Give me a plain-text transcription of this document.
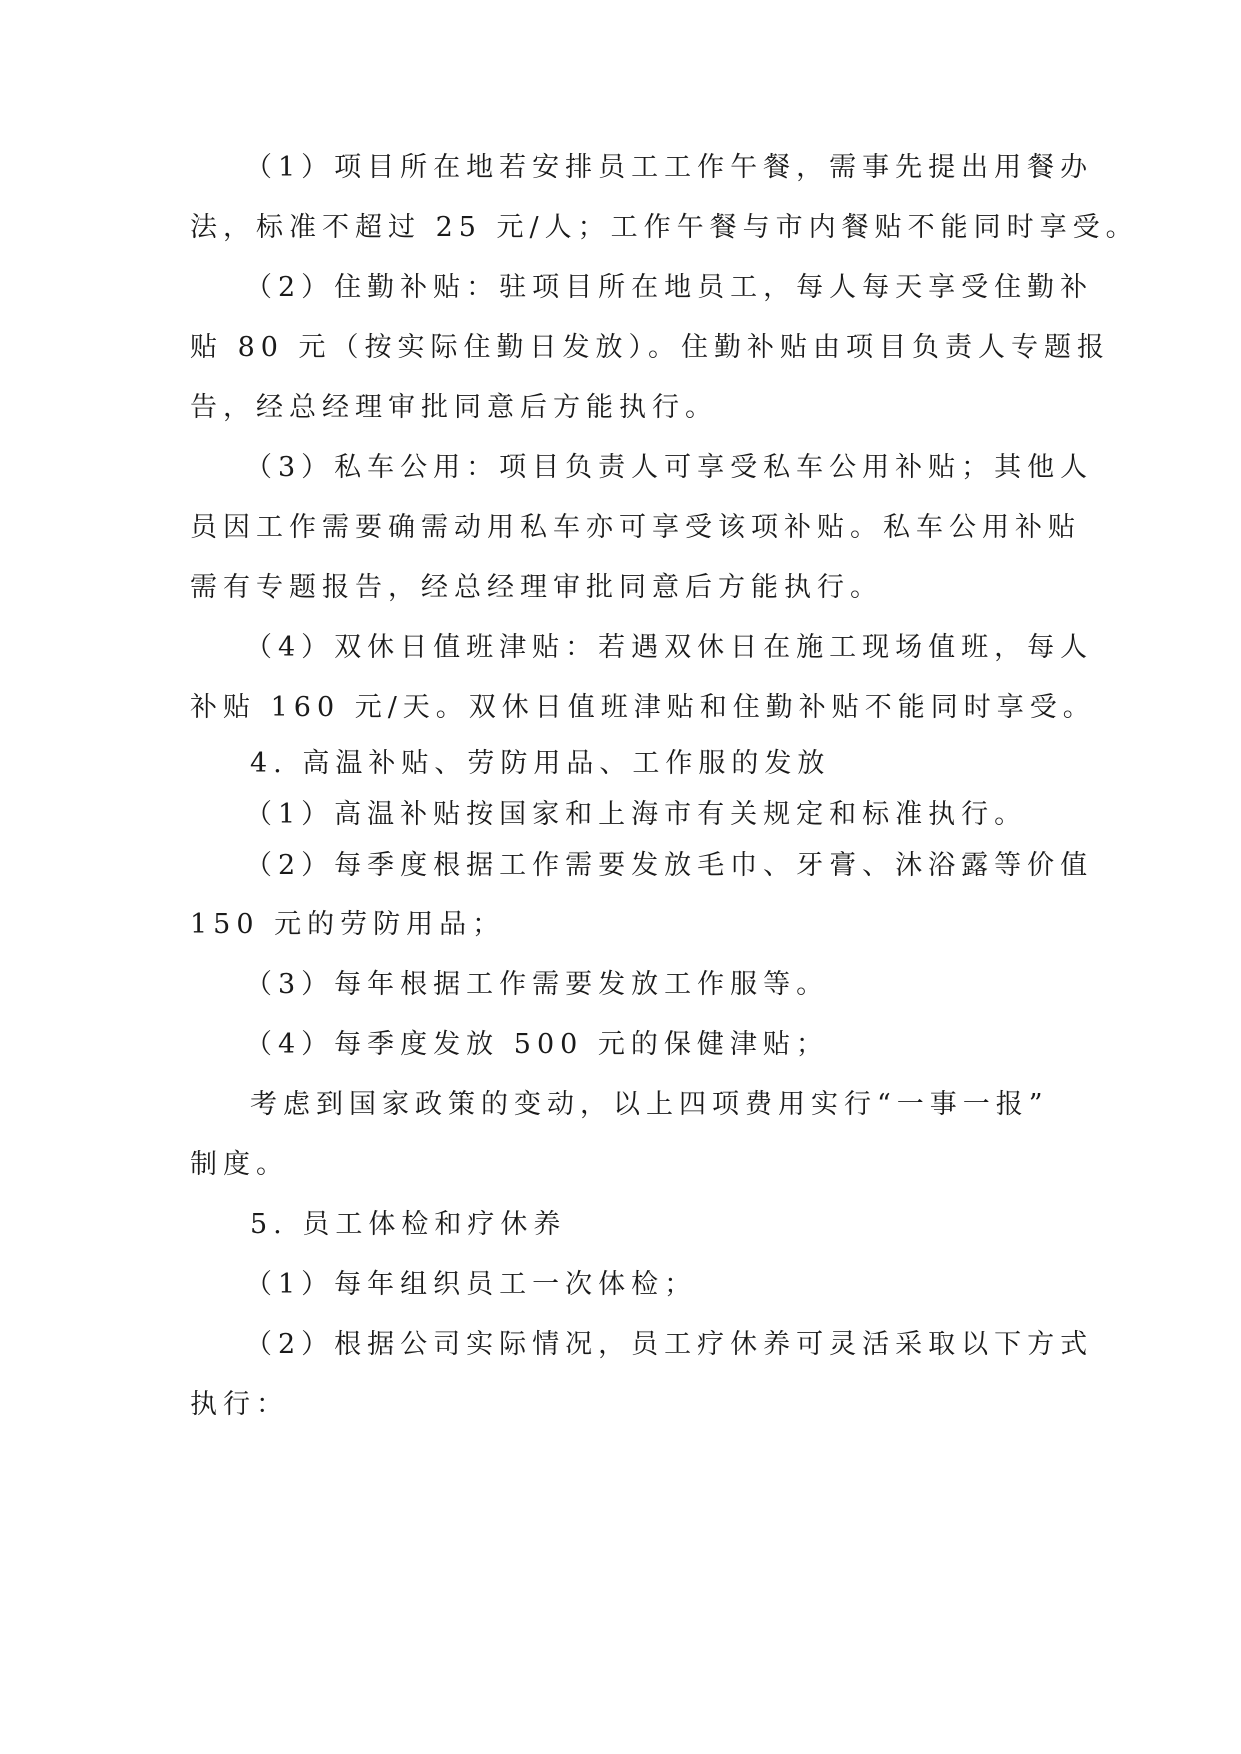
（1）项目所在地若安排员工工作午餐，需事先提出用餐办
法，标准不超过 25 元/人；工作午餐与市内餐贴不能同时享受。
（2）住勤补贴：驻项目所在地员工，每人每天享受住勤补
贴 80 元（按实际住勤日发放）。住勤补贴由项目负责人专题报
告，经总经理审批同意后方能执行。
（3）私车公用：项目负责人可享受私车公用补贴；其他人
员因工作需要确需动用私车亦可享受该项补贴。私车公用补贴
需有专题报告，经总经理审批同意后方能执行。
（4）双休日值班津贴：若遇双休日在施工现场值班，每人
补贴 160 元/天。双休日值班津贴和住勤补贴不能同时享受。
4. 高温补贴、劳防用品、工作服的发放
（1）高温补贴按国家和上海市有关规定和标准执行。
（2）每季度根据工作需要发放毛巾、牙膏、沐浴露等价值
150 元的劳防用品；
（3）每年根据工作需要发放工作服等。
（4）每季度发放 500 元的保健津贴；
考虑到国家政策的变动，以上四项费用实行“一事一报”
制度。
5. 员工体检和疗休养
（1）每年组织员工一次体检；
（2）根据公司实际情况，员工疗休养可灵活采取以下方式
执行：
